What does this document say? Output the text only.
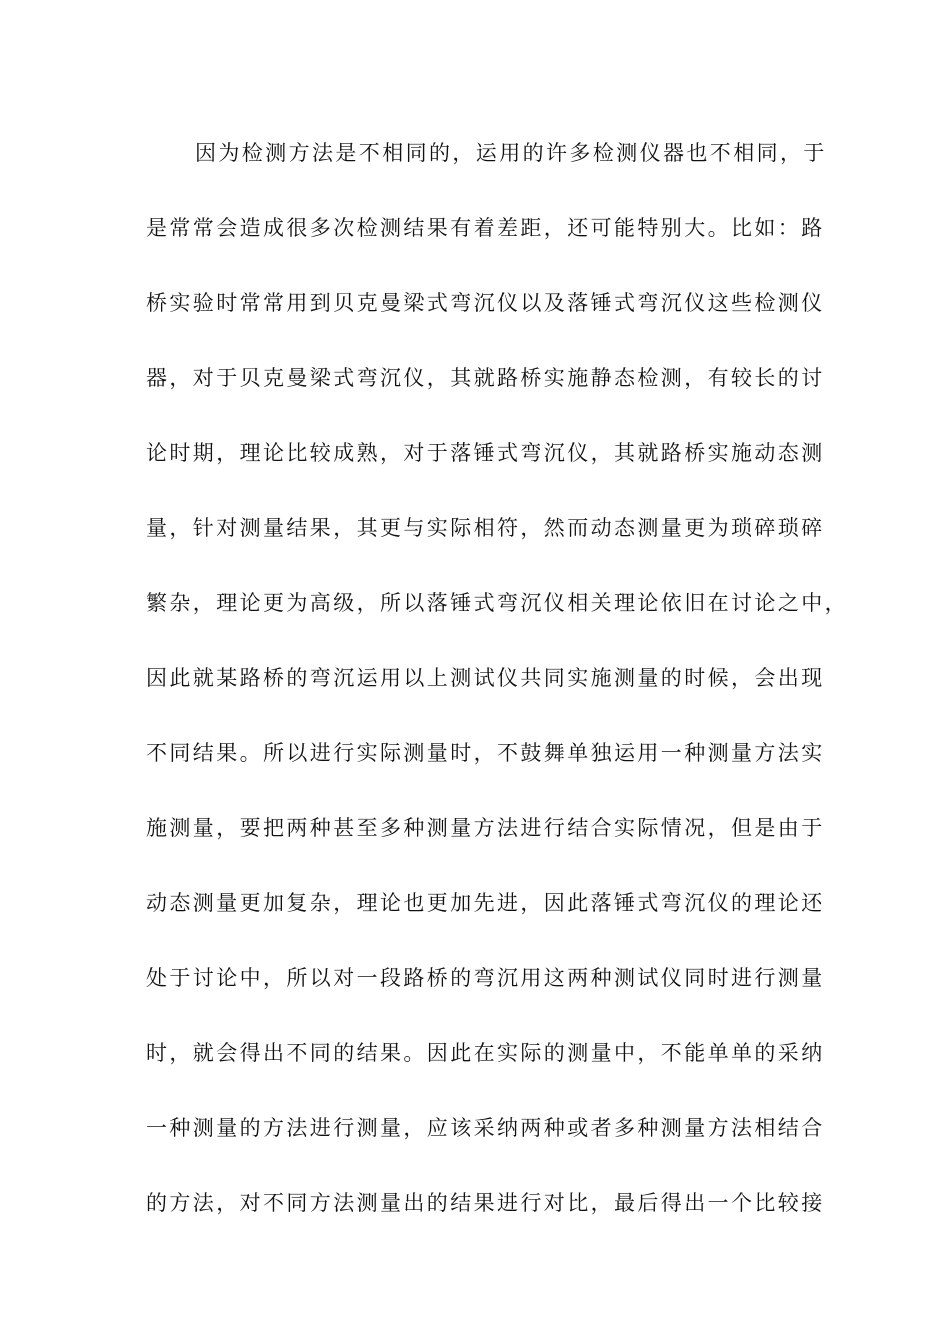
因为检测方法是不相同的，运用的许多检测仪器也不相同，于
是常常会造成很多次检测结果有着差距，还可能特别大。比如：路
桥实验时常常用到贝克曼梁式弯沉仪以及落锤式弯沉仪这些检测仪
器，对于贝克曼梁式弯沉仪，其就路桥实施静态检测，有较长的讨
论时期，理论比较成熟，对于落锤式弯沉仪，其就路桥实施动态测
量，针对测量结果，其更与实际相符，然而动态测量更为琐碎琐碎
繁杂，理论更为高级，所以落锤式弯沉仪相关理论依旧在讨论之中，
因此就某路桥的弯沉运用以上测试仪共同实施测量的时候，会出现
不同结果。所以进行实际测量时，不鼓舞单独运用一种测量方法实
施测量，要把两种甚至多种测量方法进行结合实际情况，但是由于
动态测量更加复杂，理论也更加先进，因此落锤式弯沉仪的理论还
处于讨论中，所以对一段路桥的弯沉用这两种测试仪同时进行测量
时，就会得出不同的结果。因此在实际的测量中，不能单单的采纳
一种测量的方法进行测量，应该采纳两种或者多种测量方法相结合
的方法，对不同方法测量出的结果进行对比，最后得出一个比较接
